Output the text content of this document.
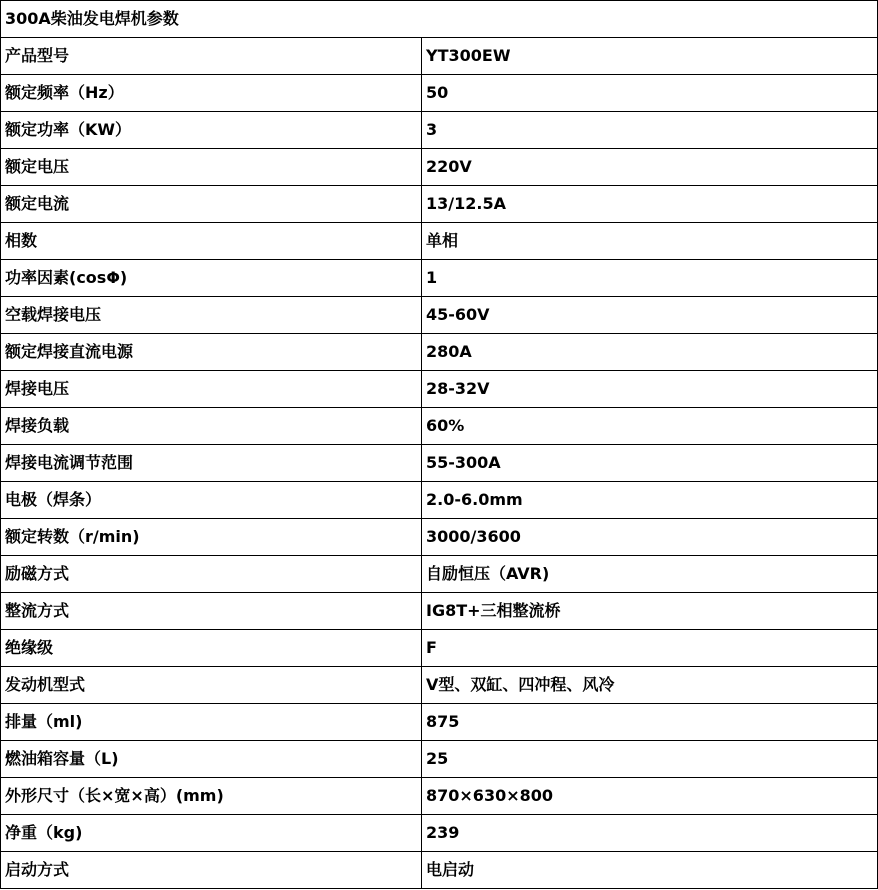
300A柴油发电焊机参数	
产品型号	YT300EW
额定频率（Hz）	50
额定功率（KW）	3
额定电压	220V
额定电流	13/12.5A
相数	单相
功率因素(cosΦ)	1
空载焊接电压	45-60V
额定焊接直流电源	280A
焊接电压	28-32V
焊接负载	60%
焊接电流调节范围	55-300A
电极（焊条）	2.0-6.0mm
额定转数（r/min)	3000/3600
励磁方式	自励恒压（AVR)
整流方式	IG8T+三相整流桥
绝缘级	F
发动机型式	V型、双缸、四冲程、风冷
排量（ml)	875
燃油箱容量（L)	25
外形尺寸（长×宽×高）(mm)	870×630×800
净重（kg)	239
启动方式	电启动
